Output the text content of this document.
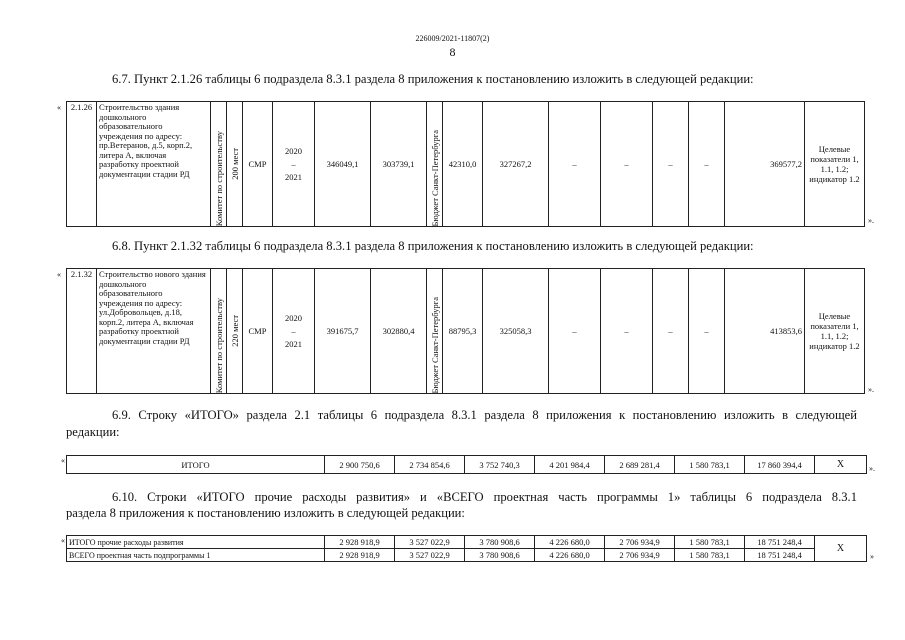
226009/2021-11807(2)
8
6.7. Пункт 2.1.26 таблицы 6 подраздела 8.3.1 раздела 8 приложения к постановлению изложить в следующей редакции:
« 2.1.26	Строительство здания дошкольного образовательного учреждения по адресу: пр.Ветеранов, д.5, корп.2, литера А, включая разработку проектной документации стадии РД	Комитет по строительству	200 мест	СМР	
2020
–
2021
	346049,1	303739,1	Бюджет Санкт-Петербурга	42310,0	327267,2	–	–	–	–	369577,2	Целевые показатели 1, 1.1, 1.2; индикатор 1.2
».
6.8. Пункт 2.1.32 таблицы 6 подраздела 8.3.1 раздела 8 приложения к постановлению изложить в следующей редакции:
« 2.1.32	Строительство нового здания дошкольного образовательного учреждения по адресу: ул.Добровольцев, д.18, корп.2, литера А, включая разработку проектной документации стадии РД	Комитет по строительству	220 мест	СМР	
2020
–
2021
	391675,7	302880,4	Бюджет Санкт-Петербурга	88795,3	325058,3	–	–	–	–	413853,6	Целевые показатели 1, 1.1, 1.2; индикатор 1.2
».
6.9. Строку «ИТОГО» раздела 2.1 таблицы 6 подраздела 8.3.1 раздела 8 приложения к постановлению изложить в следующей
редакции:
«	ИТОГО	2 900 750,6	2 734 854,6	3 752 740,3	4 201 984,4	2 689 281,4	1 580 783,1	17 860 394,4	X	».
6.10. Строки «ИТОГО прочие расходы развития» и «ВСЕГО проектная часть программы 1» таблицы 6 подраздела 8.3.1
раздела 8 приложения к постановлению изложить в следующей редакции:
« ИТОГО прочие расходы развития	2 928 918,9	3 527 022,9	3 780 908,6	4 226 680,0	2 706 934,9	1 580 783,1	18 751 248,4	X
ВСЕГО проектная часть подпрограммы 1	2 928 918,9	3 527 022,9	3 780 908,6	4 226 680,0	2 706 934,9	1 580 783,1	18 751 248,4		»
